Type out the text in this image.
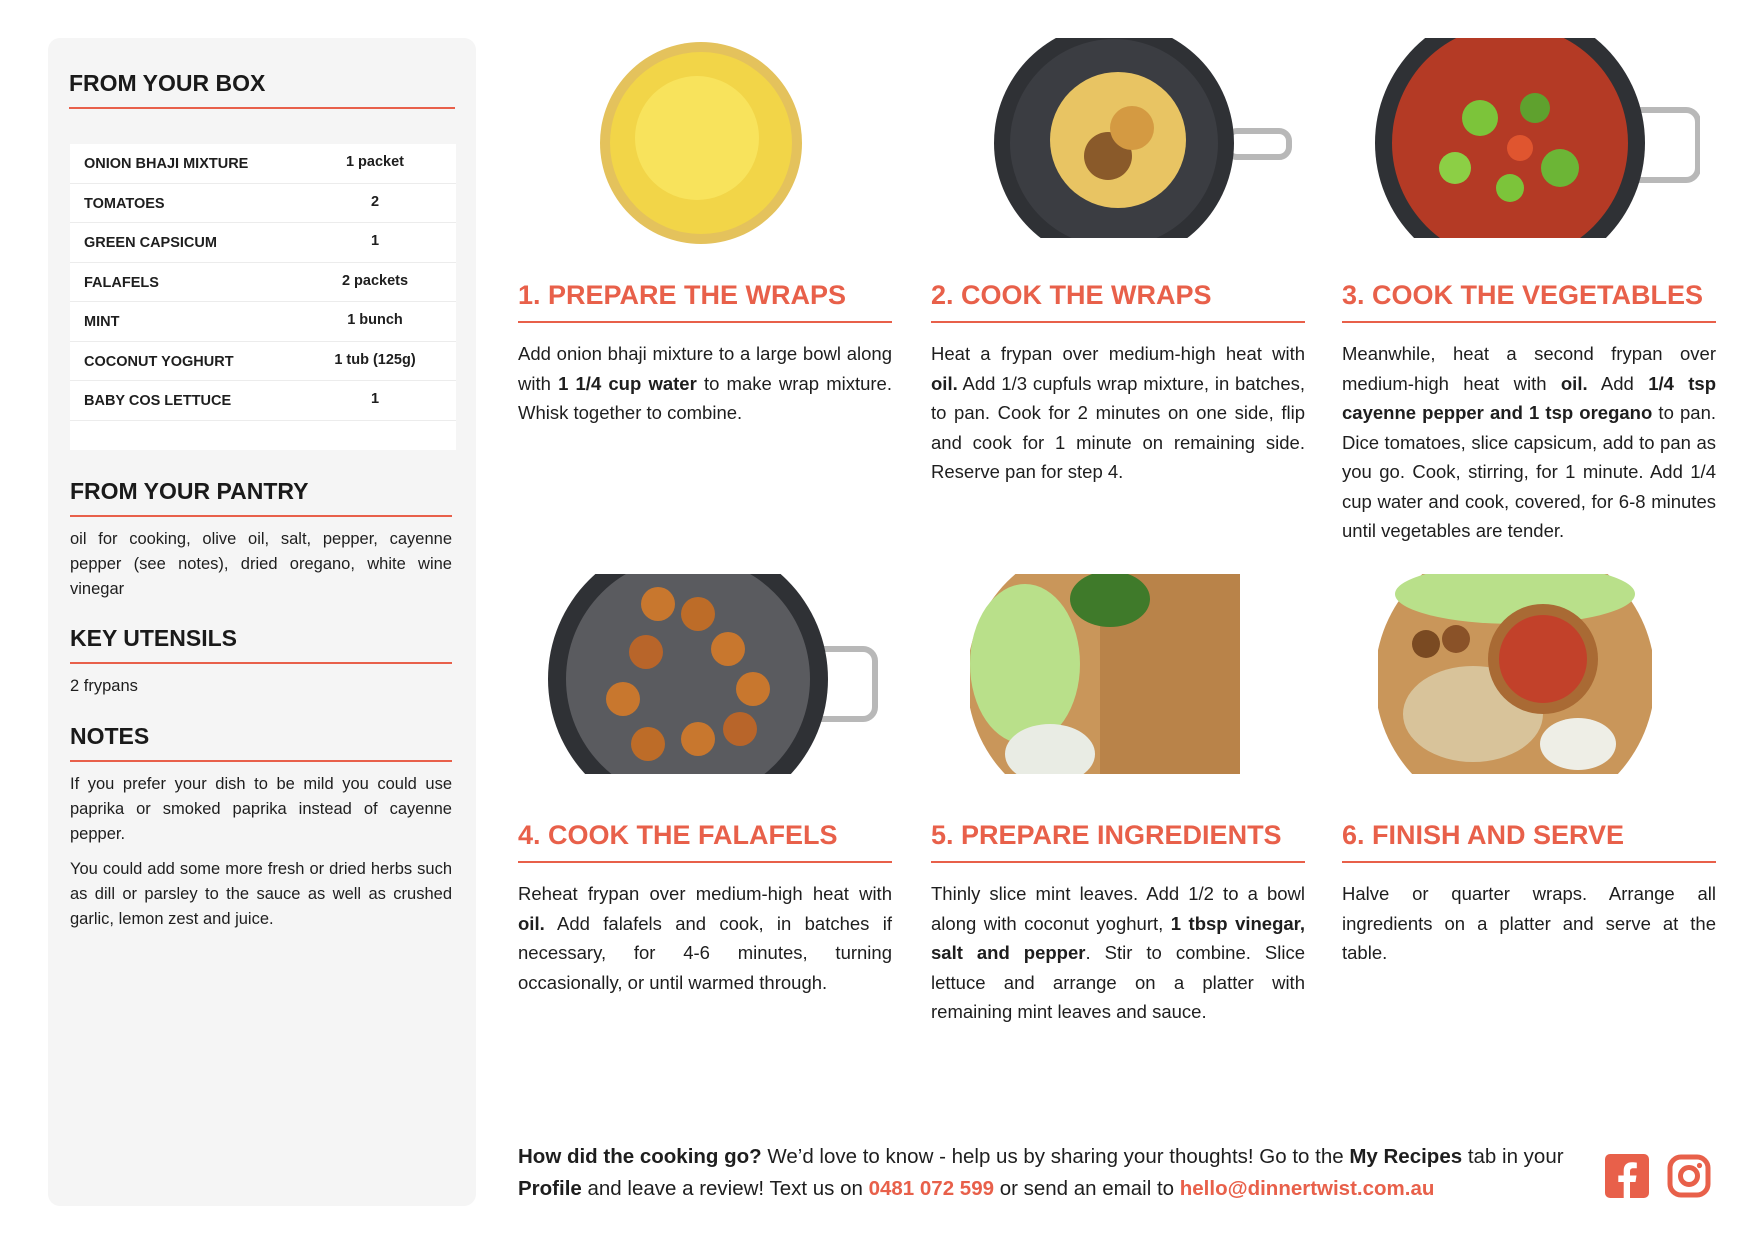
FROM YOUR BOX
ONION BHAJI MIXTURE	1 packet
TOMATOES	2
GREEN CAPSICUM	1
FALAFELS	2 packets
MINT	1 bunch
COCONUT YOGHURT	1 tub (125g)
BABY COS LETTUCE	1
FROM YOUR PANTRY

oil for cooking, olive oil, salt, pepper, cayenne pepper (see notes), dried oregano, white wine vinegar

KEY UTENSILS

2 frypans

NOTES

If you prefer your dish to be mild you could use paprika or smoked paprika instead of cayenne pepper.

You could add some more fresh or dried herbs such as dill or parsley to the sauce as well as crushed garlic, lemon zest and juice.

1. PREPARE THE WRAPS
Add onion bhaji mixture to a large bowl along with 1 1/4 cup water to make wrap mixture. Whisk together to combine.
2. COOK THE WRAPS
Heat a frypan over medium-high heat with oil. Add 1/3 cupfuls wrap mixture, in batches, to pan. Cook for 2 minutes on one side, flip and cook for 1 minute on remaining side. Reserve pan for step 4.
3. COOK THE VEGETABLES
Meanwhile, heat a second frypan over medium-high heat with oil. Add 1/4 tsp cayenne pepper and 1 tsp oregano to pan. Dice tomatoes, slice capsicum, add to pan as you go. Cook, stirring, for 1 minute. Add 1/4 cup water and cook, covered, for 6-8 minutes until vegetables are tender.
4. COOK THE FALAFELS
Reheat frypan over medium-high heat with oil. Add falafels and cook, in batches if necessary, for 4-6 minutes, turning occasionally, or until warmed through.
5. PREPARE INGREDIENTS
Thinly slice mint leaves. Add 1/2 to a bowl along with coconut yoghurt, 1 tbsp vinegar, salt and pepper. Stir to combine. Slice lettuce and arrange on a platter with remaining mint leaves and sauce.
6. FINISH AND SERVE
Halve or quarter wraps. Arrange all ingredients on a platter and serve at the table.
How did the cooking go? We’d love to know - help us by sharing your thoughts! Go to the My Recipes tab in your Profile and leave a review! Text us on 0481 072 599 or send an email to hello@dinnertwist.com.au
